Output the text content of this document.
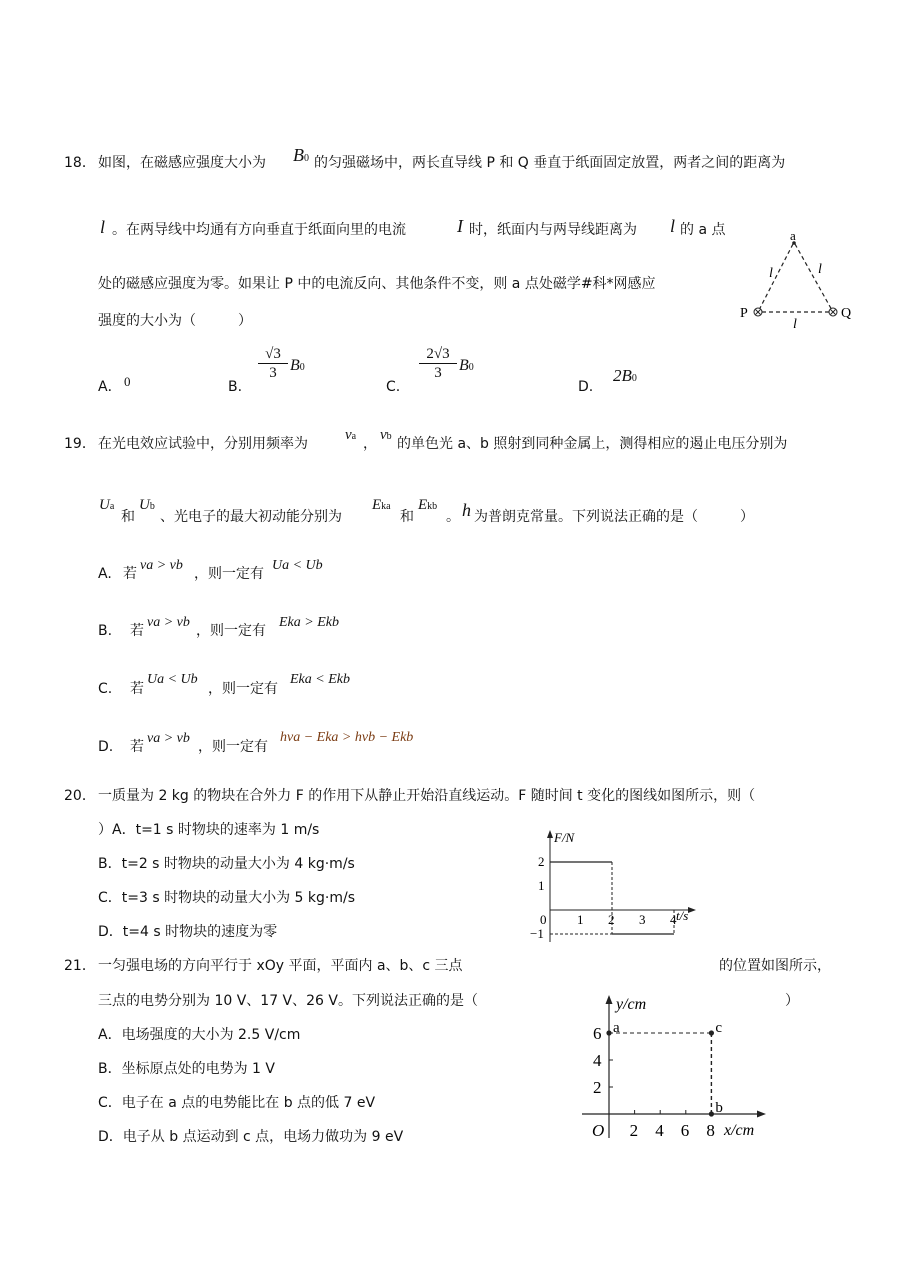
18． 如图，在磁感应强度大小为 B0 的匀强磁场中，两长直导线 P 和 Q 垂直于纸面固定放置，两者之间的距离为
l 。在两导线中均通有方向垂直于纸面向里的电流	I 时，纸面内与两导线距离为 l 的 a 点
处的磁感应强度为零。如果让 P 中的电流反向、其他条件不变，则 a 点处磁学#科*网感应
强度的大小为（　　　）
A． 0	B.
$\frac{√3}{3} B0$
C.
$\frac{2√3}{3} B0$
D.
2B0
a
P	Q
l	l
l
19． 在光电效应试验中，分别用频率为
νa ，
νb 的单色光 a、b 照射到同种金属上，测得相应的遏止电压分别为
Ua
和
Ub
、光电子的最大初动能分别为
Eka
和
Ekb
。 h 为普朗克常量。下列说法正确的是（　　　）
A. 若
νa > νb
，则一定有
Ua < Ub
B. 若
νa > νb
，则一定有
Eka > Ekb
C. 若
Ua < Ub
，则一定有
Eka < Ekb
D. 若
νa > νb
，则一定有
hνa − Eka > hνb − Ekb
20． 一质量为 2 kg 的物块在合外力 F 的作用下从静止开始沿直线运动。F 随时间 t 变化的图线如图所示，则（
）A．t=1 s 时物块的速率为 1 m/s
B．t=2 s 时物块的动量大小为 4 kg·m/s
C．t=3 s 时物块的动量大小为 5 kg·m/s
D．t=4 s 时物块的速度为零
F/N
t/s
0 1 2 3 4
2
1
−1
21． 一匀强电场的方向平行于 xOy 平面，平面内 a、b、c 三点	的位置如图所示，
三点的电势分别为 10 V、17 V、26 V。下列说法正确的是（	）
A．电场强度的大小为 2.5 V/cm
B．坐标原点处的电势为 1 V
C．电子在 a 点的电势能比在 b 点的低 7 eV
D．电子从 b 点运动到 c 点，电场力做功为 9 eV
y/cm
x/cm
O 2 4 6 8
2
4
6 a	c
b
